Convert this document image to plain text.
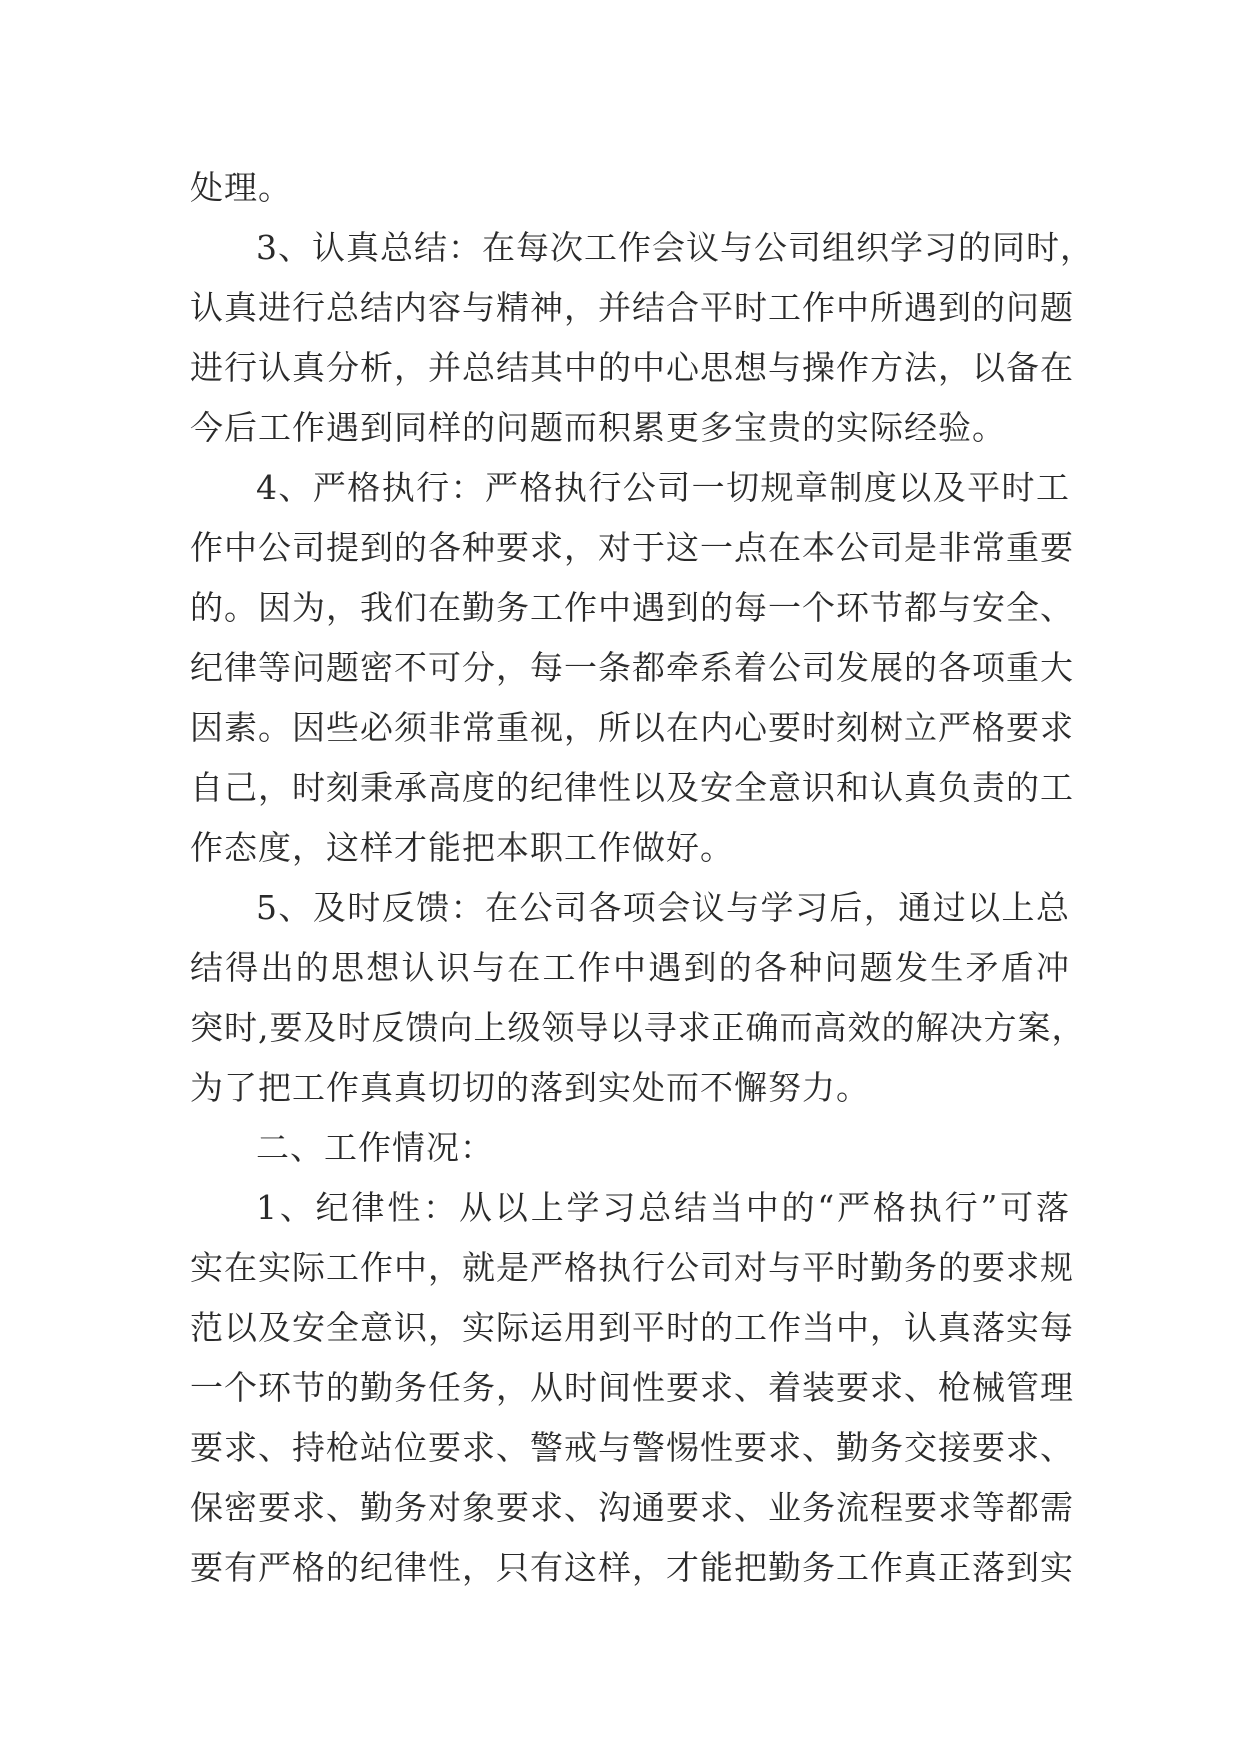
处理。
3、认真总结：在每次工作会议与公司组织学习的同时，
认真进行总结内容与精神，并结合平时工作中所遇到的问题
进行认真分析，并总结其中的中心思想与操作方法，以备在
今后工作遇到同样的问题而积累更多宝贵的实际经验。
4、严格执行：严格执行公司一切规章制度以及平时工
作中公司提到的各种要求，对于这一点在本公司是非常重要
的。因为，我们在勤务工作中遇到的每一个环节都与安全、
纪律等问题密不可分，每一条都牵系着公司发展的各项重大
因素。因些必须非常重视，所以在内心要时刻树立严格要求
自己，时刻秉承高度的纪律性以及安全意识和认真负责的工
作态度，这样才能把本职工作做好。
5、及时反馈：在公司各项会议与学习后，通过以上总
结得出的思想认识与在工作中遇到的各种问题发生矛盾冲
突时,要及时反馈向上级领导以寻求正确而高效的解决方案，
为了把工作真真切切的落到实处而不懈努力。
二、工作情况：
1、纪律性：从以上学习总结当中的“严格执行”可落
实在实际工作中，就是严格执行公司对与平时勤务的要求规
范以及安全意识，实际运用到平时的工作当中，认真落实每
一个环节的勤务任务，从时间性要求、着装要求、枪械管理
要求、持枪站位要求、警戒与警惕性要求、勤务交接要求、
保密要求、勤务对象要求、沟通要求、业务流程要求等都需
要有严格的纪律性，只有这样，才能把勤务工作真正落到实
